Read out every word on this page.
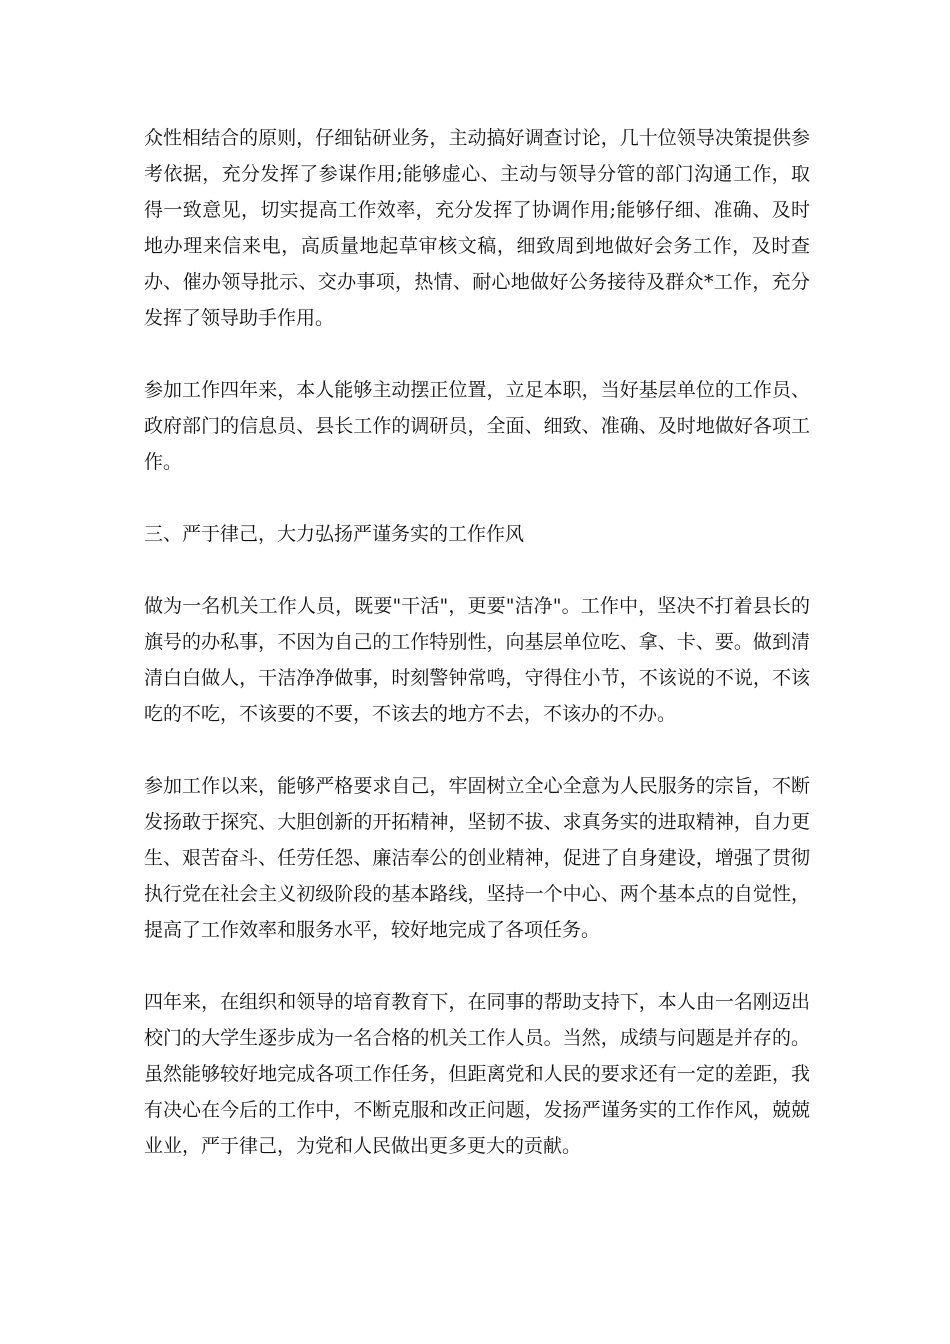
众性相结合的原则，仔细钻研业务，主动搞好调查讨论，几十位领导决策提供参考依据，充分发挥了参谋作用;能够虚心、主动与领导分管的部门沟通工作，取得一致意见，切实提高工作效率，充分发挥了协调作用;能够仔细、准确、及时地办理来信来电，高质量地起草审核文稿，细致周到地做好会务工作，及时查办、催办领导批示、交办事项，热情、耐心地做好公务接待及群众*工作，充分发挥了领导助手作用。

参加工作四年来，本人能够主动摆正位置，立足本职，当好基层单位的工作员、政府部门的信息员、县长工作的调研员，全面、细致、准确、及时地做好各项工作。

三、严于律己，大力弘扬严谨务实的工作作风

做为一名机关工作人员，既要"干活"，更要"洁净"。工作中，坚决不打着县长的旗号的办私事，不因为自己的工作特别性，向基层单位吃、拿、卡、要。做到清清白白做人，干洁净净做事，时刻警钟常鸣，守得住小节，不该说的不说，不该吃的不吃，不该要的不要，不该去的地方不去，不该办的不办。

参加工作以来，能够严格要求自己，牢固树立全心全意为人民服务的宗旨，不断发扬敢于探究、大胆创新的开拓精神，坚韧不拔、求真务实的进取精神，自力更生、艰苦奋斗、任劳任怨、廉洁奉公的创业精神，促进了自身建设，增强了贯彻执行党在社会主义初级阶段的基本路线，坚持一个中心、两个基本点的自觉性，提高了工作效率和服务水平，较好地完成了各项任务。

四年来，在组织和领导的培育教育下，在同事的帮助支持下，本人由一名刚迈出校门的大学生逐步成为一名合格的机关工作人员。当然，成绩与问题是并存的。虽然能够较好地完成各项工作任务，但距离党和人民的要求还有一定的差距，我有决心在今后的工作中，不断克服和改正问题，发扬严谨务实的工作作风，兢兢业业，严于律己，为党和人民做出更多更大的贡献。
